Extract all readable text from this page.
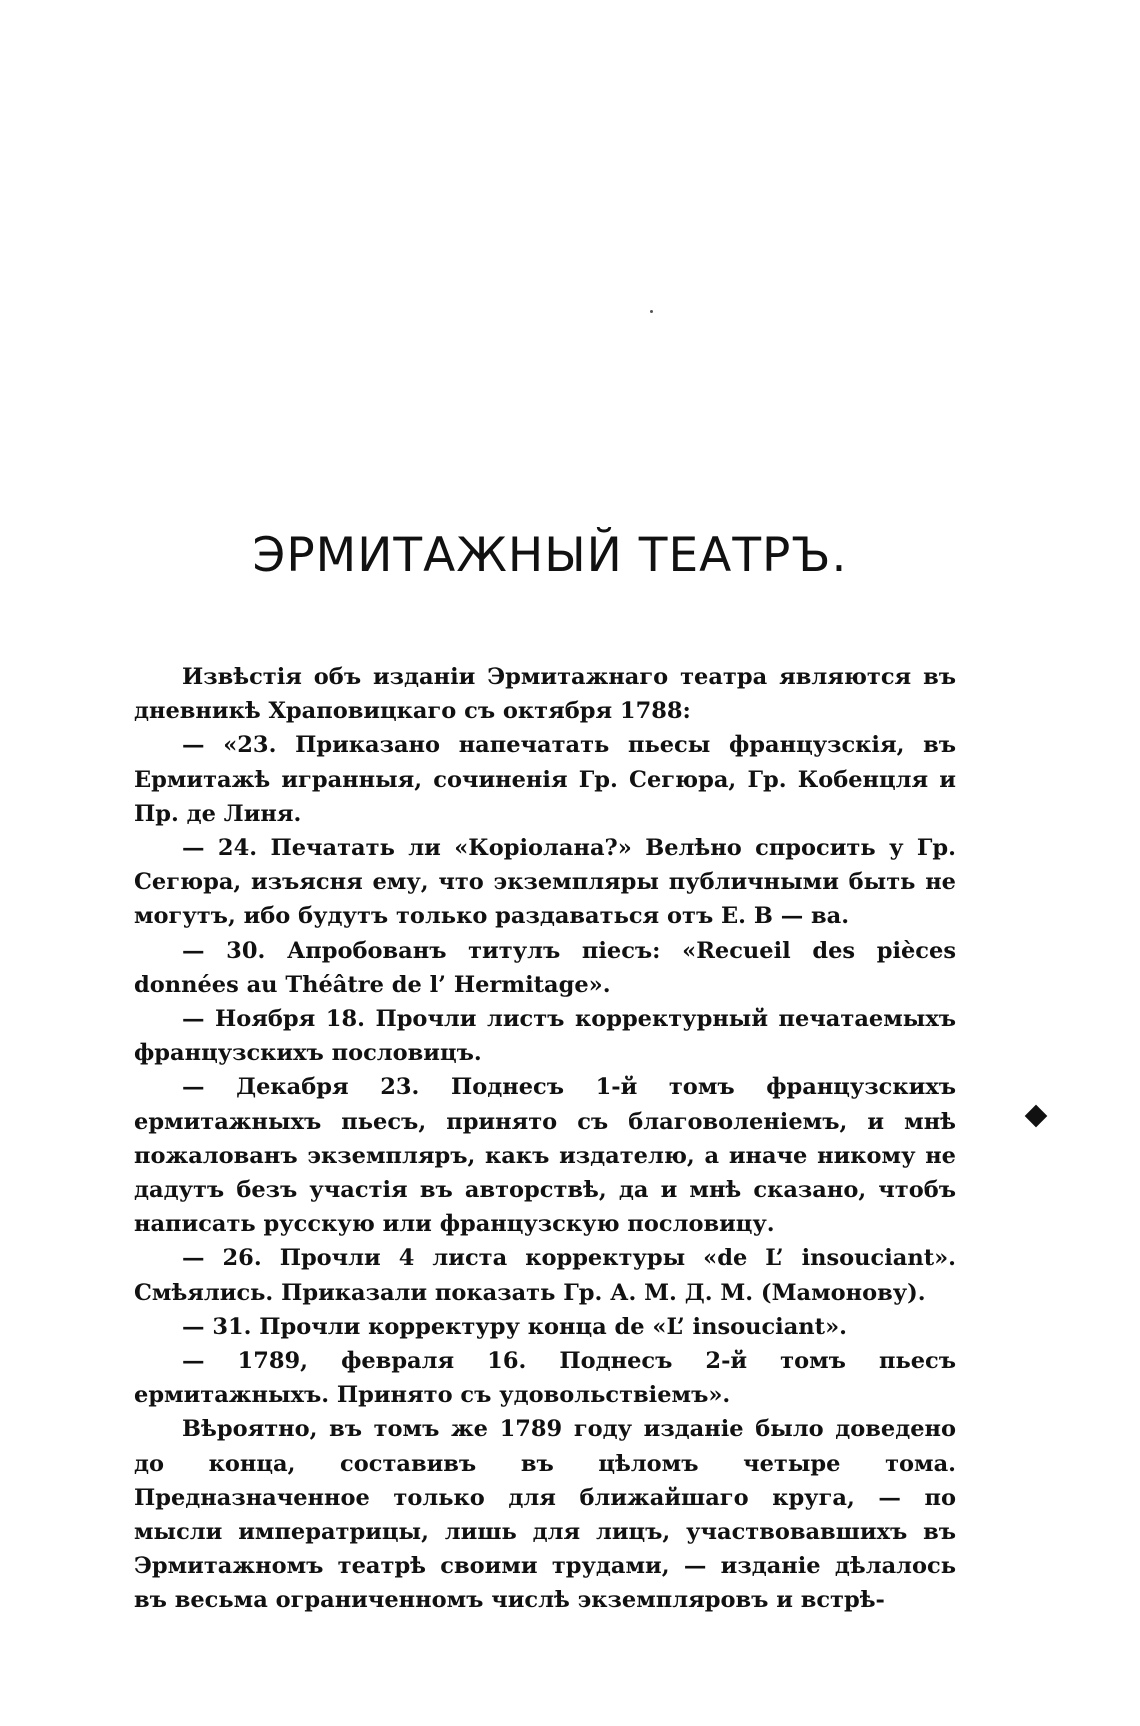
ЭРМИТАЖНЫЙ ТЕАТРЪ.

Извѣстія объ изданіи Эрмитажнаго театра являются въ дневникѣ Храповицкаго съ октября 1788:

— «23. Приказано напечатать пьесы французскія, въ Ермитажѣ игранныя, сочиненія Гр. Сегюра, Гр. Кобенцля и Пр. де Линя.

— 24. Печатать ли «Коріолана?» Велѣно спросить у Гр. Сегюра, изъясня ему, что экземпляры публичными быть не могутъ, ибо будутъ только раздаваться отъ Е. В — ва.

— 30. Апробованъ титулъ пiесъ: «Recueil des pièces données au Théâtre de l’ Hermitage».

— Ноября 18. Прочли листъ корректурный печатаемыхъ французскихъ пословицъ.

— Декабря 23. Поднесъ 1-й томъ французскихъ ермитажныхъ пьесъ, принято съ благоволеніемъ, и мнѣ пожалованъ экземпляръ, какъ издателю, а иначе никому не дадутъ безъ участія въ авторствѣ, да и мнѣ сказано, чтобъ написать русскую или французскую пословицу.

— 26. Прочли 4 листа корректуры «de L’ insouciant». Смѣялись. Приказали показать Гр. А. М. Д. М. (Мамонову).

— 31. Прочли корректуру конца de «L’ insouciant».

— 1789, февраля 16. Поднесъ 2-й томъ пьесъ ермитажныхъ. Принято съ удовольствіемъ».

Вѣроятно, въ томъ же 1789 году изданіе было доведено до конца, составивъ въ цѣломъ четыре тома. Предназначенное только для ближайшаго круга, — по мысли императрицы, лишь для лицъ, участвовавшихъ въ Эрмитажномъ театрѣ своими трудами, — изданіе дѣлалось въ весьма ограниченномъ числѣ экземпляровъ и встрѣ-
